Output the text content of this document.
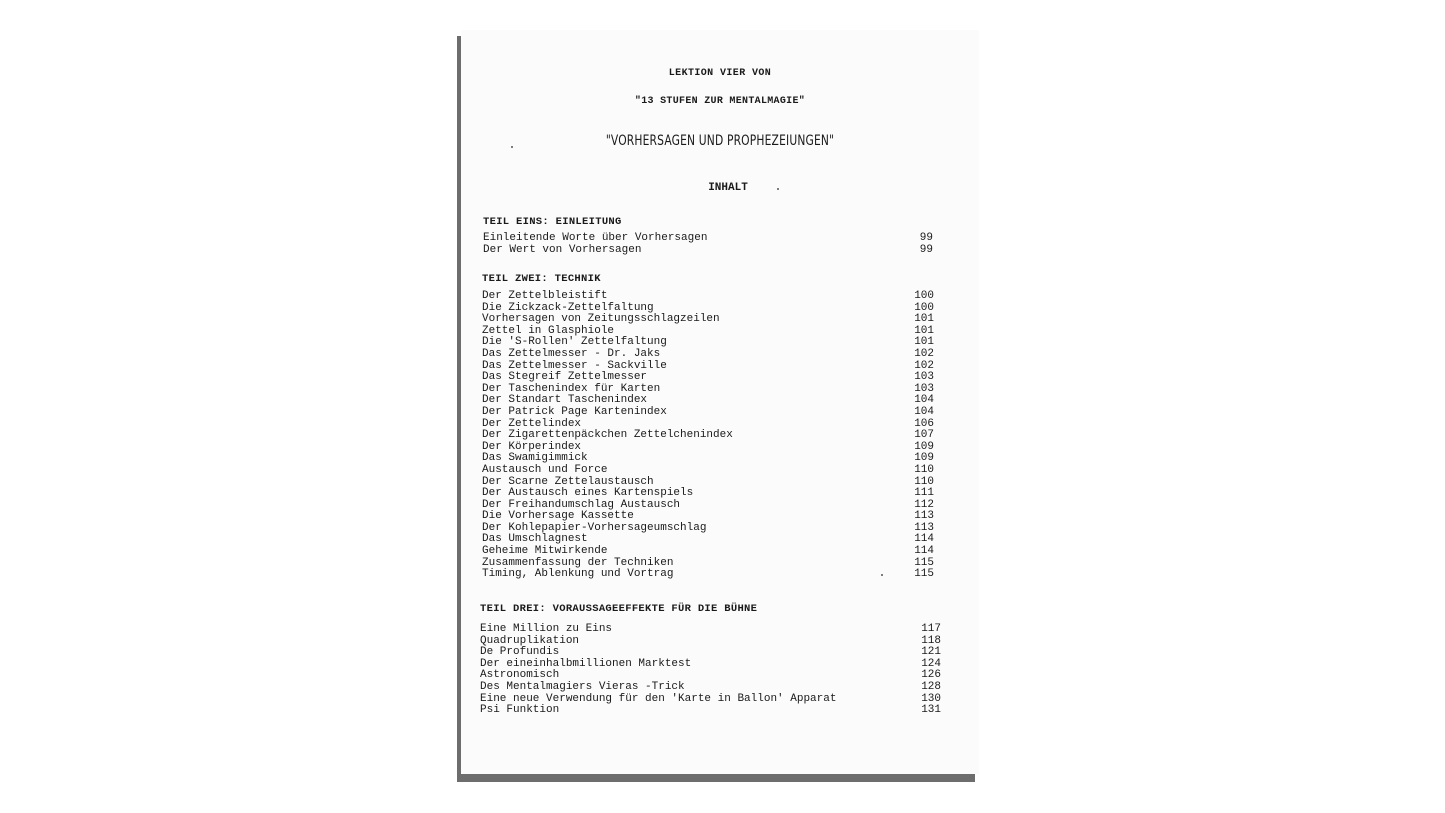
LEKTION VIER VON
"13 STUFEN ZUR MENTALMAGIE"
"VORHERSAGEN UND PROPHEZEIUNGEN"
INHALT
TEIL EINS: EINLEITUNG
Einleitende Worte über Vorhersagen	99
Der Wert von Vorhersagen	99
TEIL ZWEI: TECHNIK
Der Zettelbleistift	100
Die Zickzack-Zettelfaltung	100
Vorhersagen von Zeitungsschlagzeilen	101
Zettel in Glasphiole	101
Die 'S-Rollen' Zettelfaltung	101
Das Zettelmesser - Dr. Jaks	102
Das Zettelmesser - Sackville	102
Das Stegreif Zettelmesser	103
Der Taschenindex für Karten	103
Der Standart Taschenindex	104
Der Patrick Page Kartenindex	104
Der Zettelindex	106
Der Zigarettenpäckchen Zettelchenindex	107
Der Körperindex	109
Das Swamigimmick	109
Austausch und Force	110
Der Scarne Zettelaustausch	110
Der Austausch eines Kartenspiels	111
Der Freihandumschlag Austausch	112
Die Vorhersage Kassette	113
Der Kohlepapier-Vorhersageumschlag	113
Das Umschlagnest	114
Geheime Mitwirkende	114
Zusammenfassung der Techniken	115
Timing, Ablenkung und Vortrag	115
TEIL DREI: VORAUSSAGEEFFEKTE FÜR DIE BÜHNE
Eine Million zu Eins	117
Quadruplikation	118
De Profundis	121
Der eineinhalbmillionen Marktest	124
Astronomisch	126
Des Mentalmagiers Vieras -Trick	128
Eine neue Verwendung für den 'Karte in Ballon' Apparat	130
Psi Funktion	131
